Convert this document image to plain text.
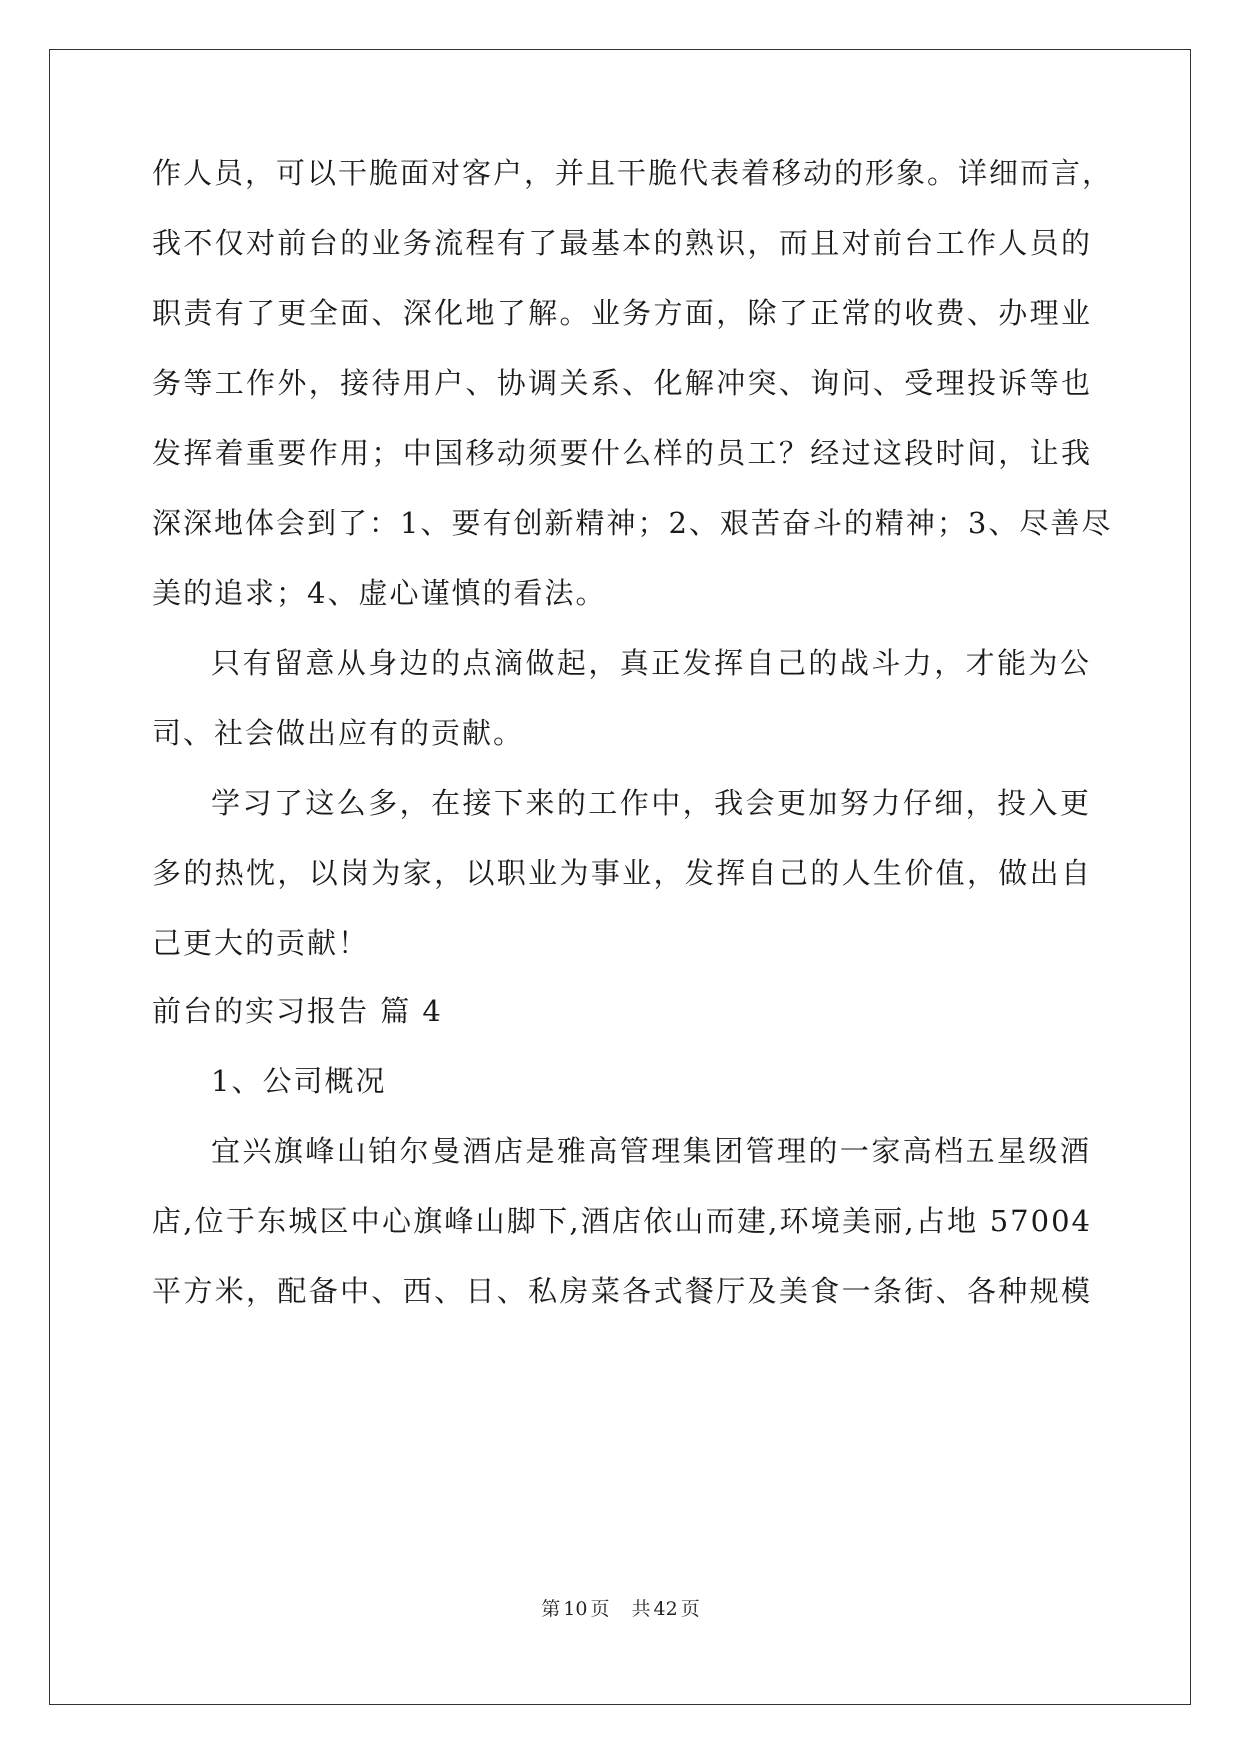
作人员，可以干脆面对客户，并且干脆代表着移动的形象。详细而言，
我不仅对前台的业务流程有了最基本的熟识，而且对前台工作人员的
职责有了更全面、深化地了解。业务方面，除了正常的收费、办理业
务等工作外，接待用户、协调关系、化解冲突、询问、受理投诉等也
发挥着重要作用；中国移动须要什么样的员工？经过这段时间，让我
深深地体会到了：1、要有创新精神；2、艰苦奋斗的精神；3、尽善尽
美的追求；4、虚心谨慎的看法。
只有留意从身边的点滴做起，真正发挥自己的战斗力，才能为公
司、社会做出应有的贡献。
学习了这么多，在接下来的工作中，我会更加努力仔细，投入更
多的热忱，以岗为家，以职业为事业，发挥自己的人生价值，做出自
己更大的贡献！
前台的实习报告 篇 4
1、公司概况
宜兴旗峰山铂尔曼酒店是雅高管理集团管理的一家高档五星级酒
店,位于东城区中心旗峰山脚下,酒店依山而建,环境美丽,占地 57004
平方米，配备中、西、日、私房菜各式餐厅及美食一条街、各种规模
第 10 页 共 42 页
